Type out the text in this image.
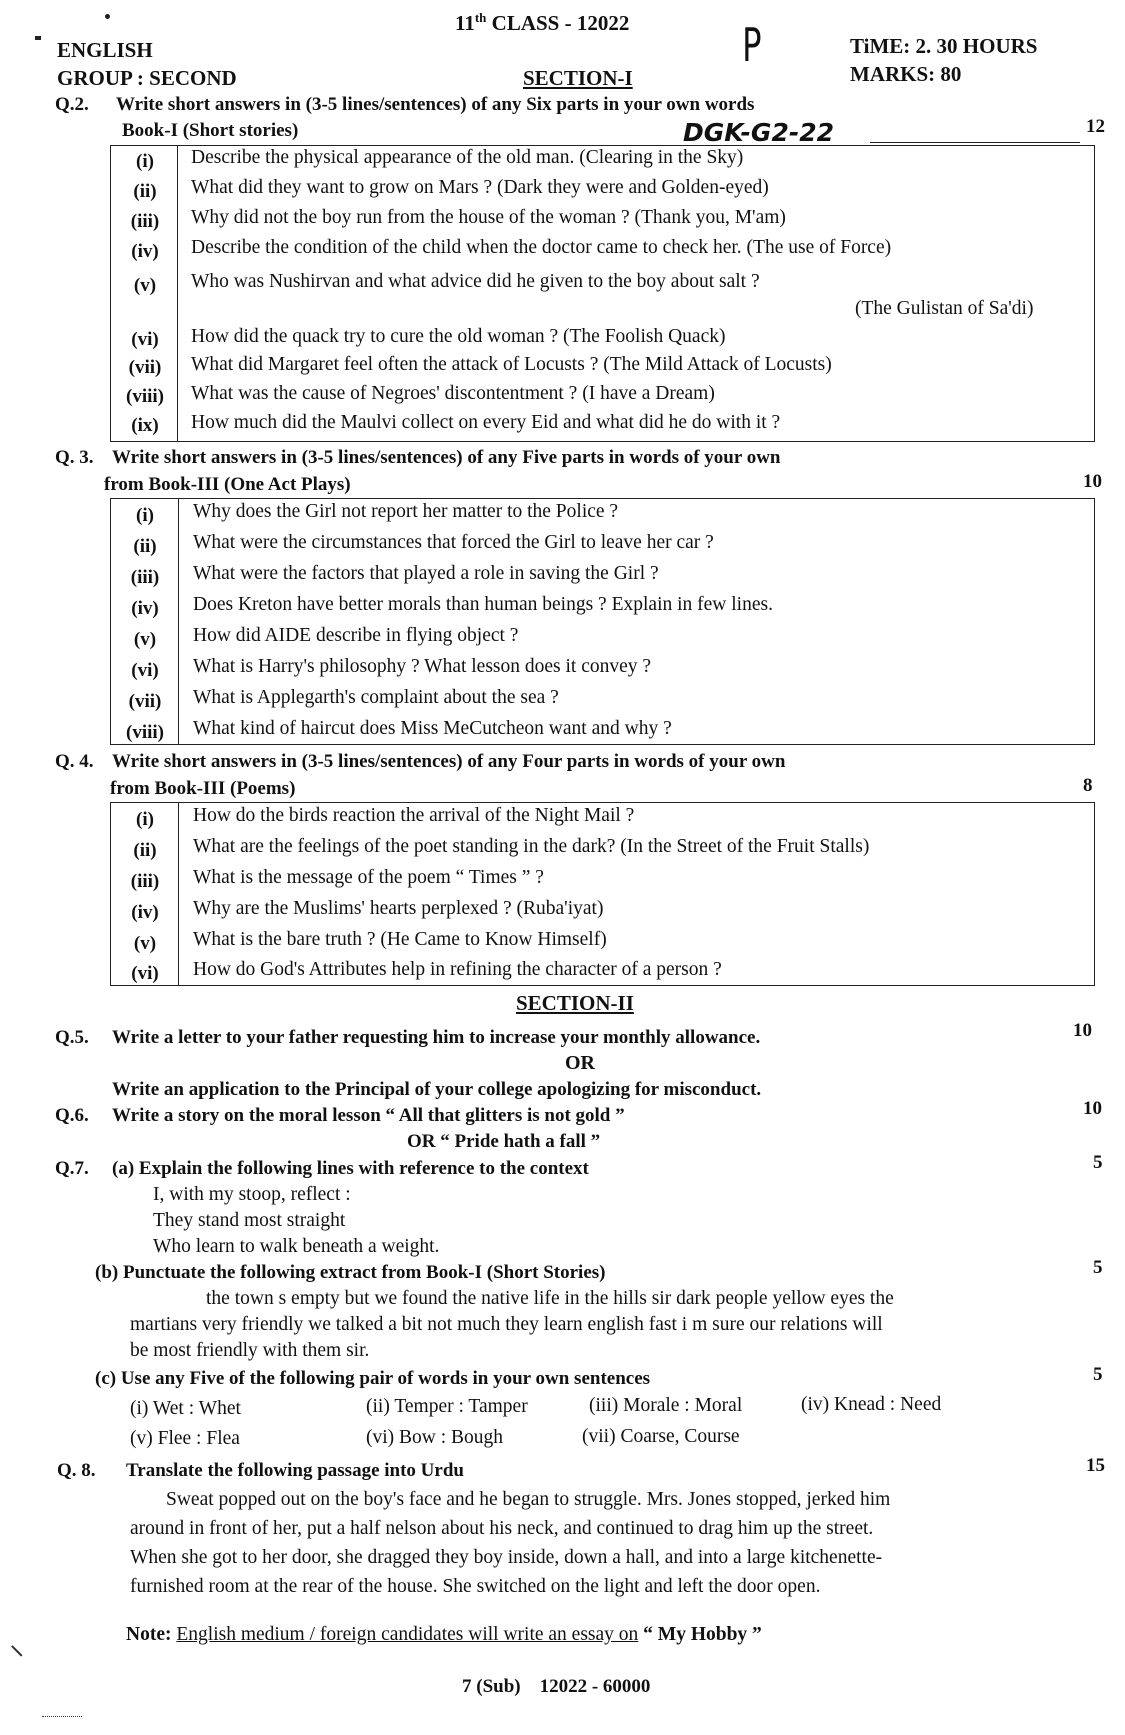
11th CLASS - 12022 P
ENGLISH
GROUP : SECOND	SECTION-I
TiME: 2. 30 HOURS
MARKS: 80
Q.2. Write short answers in (3-5 lines/sentences) of any Six parts in your own words
Book-I (Short stories)	DGK-G2-22	12
(i)	Describe the physical appearance of the old man. (Clearing in the Sky)
(ii)	What did they want to grow on Mars ? (Dark they were and Golden-eyed)
(iii)	Why did not the boy run from the house of the woman ? (Thank you, M'am)
(iv)	Describe the condition of the child when the doctor came to check her. (The use of Force)
(v)	Who was Nushirvan and what advice did he given to the boy about salt ?
(The Gulistan of Sa'di)
(vi)	How did the quack try to cure the old woman ? (The Foolish Quack)
(vii)	What did Margaret feel often the attack of Locusts ? (The Mild Attack of Locusts)
(viii)	What was the cause of Negroes' discontentment ? (I have a Dream)
(ix)	How much did the Maulvi collect on every Eid and what did he do with it ?
Q. 3. Write short answers in (3-5 lines/sentences) of any Five parts in words of your own
from Book-III (One Act Plays)	10
(i)	Why does the Girl not report her matter to the Police ?
(ii)	What were the circumstances that forced the Girl to leave her car ?
(iii)	What were the factors that played a role in saving the Girl ?
(iv)	Does Kreton have better morals than human beings ? Explain in few lines.
(v)	How did AIDE describe in flying object ?
(vi)	What is Harry's philosophy ? What lesson does it convey ?
(vii)	What is Applegarth's complaint about the sea ?
(viii)	What kind of haircut does Miss MeCutcheon want and why ?
Q. 4. Write short answers in (3-5 lines/sentences) of any Four parts in words of your own
from Book-III (Poems)	8
(i)	How do the birds reaction the arrival of the Night Mail ?
(ii)	What are the feelings of the poet standing in the dark? (In the Street of the Fruit Stalls)
(iii)	What is the message of the poem “ Times ” ?
(iv)	Why are the Muslims' hearts perplexed ? (Ruba'iyat)
(v)	What is the bare truth ? (He Came to Know Himself)
(vi)	How do God's Attributes help in refining the character of a person ?
SECTION-II
Q.5. Write a letter to your father requesting him to increase your monthly allowance.	10
OR
Write an application to the Principal of your college apologizing for misconduct.
Q.6. Write a story on the moral lesson “ All that glitters is not gold ”	10
OR “ Pride hath a fall ”
Q.7. (a) Explain the following lines with reference to the context	5
I, with my stoop, reflect :
They stand most straight
Who learn to walk beneath a weight.
(b) Punctuate the following extract from Book-I (Short Stories)	5
the town s empty but we found the native life in the hills sir dark people yellow eyes the
martians very friendly we talked a bit not much they learn english fast i m sure our relations will
be most friendly with them sir.
(c) Use any Five of the following pair of words in your own sentences	5
(i) Wet : Whet	(ii) Temper : Tamper	(iii) Morale : Moral	(iv) Knead : Need
(v) Flee : Flea	(vi) Bow : Bough	(vii) Coarse, Course
Q. 8. Translate the following passage into Urdu	15
Sweat popped out on the boy's face and he began to struggle. Mrs. Jones stopped, jerked him
around in front of her, put a half nelson about his neck, and continued to drag him up the street.
When she got to her door, she dragged they boy inside, down a hall, and into a large kitchenette-
furnished room at the rear of the house. She switched on the light and left the door open.
Note: English medium / foreign candidates will write an essay on “ My Hobby ”
7 (Sub)    12022 - 60000
